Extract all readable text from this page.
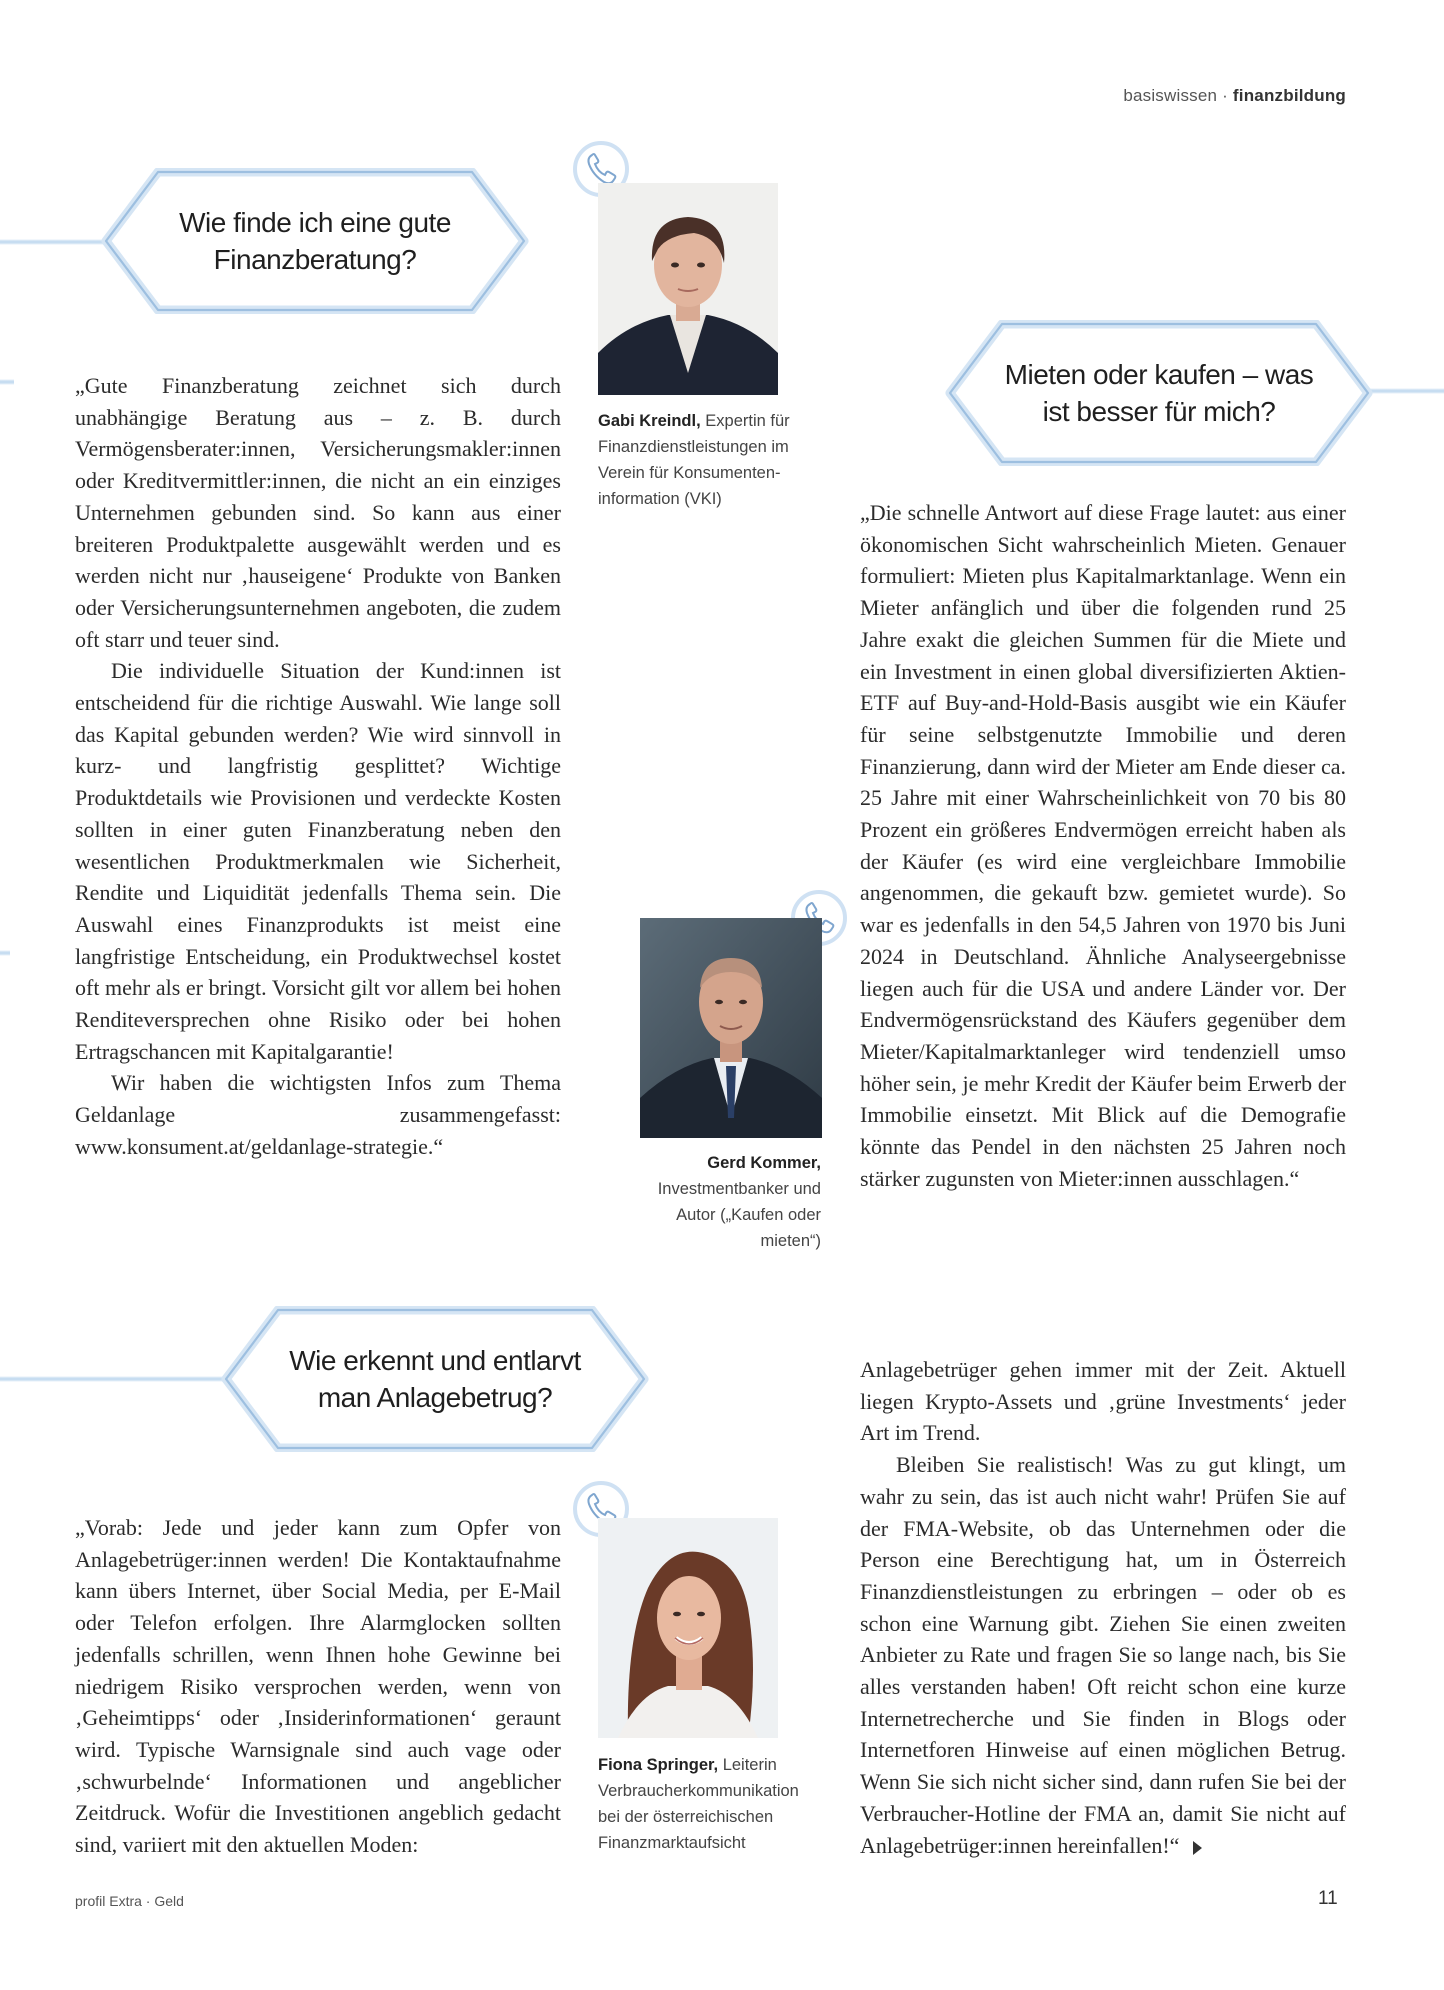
basiswissen · finanzbildung
Wie finde ich eine gute
Finanzberatung?
Gabi Kreindl, Expertin für
Finanzdienstleistungen im
Verein für Konsumenten-
information (VKI)

„Gute Finanzberatung zeichnet sich durch unabhängige Beratung aus – z. B. durch Vermögensberater:innen, Versicherungsmakler:innen oder Kreditvermittler:innen, die nicht an ein einziges Unternehmen gebunden sind. So kann aus einer breiteren Produktpalette ausgewählt werden und es werden nicht nur ‚hauseigene‘ Produkte von Banken oder Versicherungsunternehmen angeboten, die zudem oft starr und teuer sind.

Die individuelle Situation der Kund:innen ist entscheidend für die richtige Auswahl. Wie lange soll das Kapital gebunden werden? Wie wird sinnvoll in kurz- und langfristig gesplittet? Wichtige Produktdetails wie Provisionen und verdeckte Kosten sollten in einer guten Finanzberatung neben den wesentlichen Produktmerkmalen wie Sicherheit, Rendite und Liquidität jedenfalls Thema sein. Die Auswahl eines Finanzprodukts ist meist eine langfristige Entscheidung, ein Produktwechsel kostet oft mehr als er bringt. Vorsicht gilt vor allem bei hohen Renditeversprechen ohne Risiko oder bei hohen Ertragschancen mit Kapitalgarantie!

Wir haben die wichtigsten Infos zum Thema Geldanlage zusammengefasst: www.konsument.at/geldanlage-strategie.“

Mieten oder kaufen – was
ist besser für mich?

„Die schnelle Antwort auf diese Frage lautet: aus einer ökonomischen Sicht wahrscheinlich Mieten. Genauer formuliert: Mieten plus Kapitalmarktanlage. Wenn ein Mieter anfänglich und über die folgenden rund 25 Jahre exakt die gleichen Summen für die Miete und ein Investment in einen global diversifizierten Aktien-ETF auf Buy-and-Hold-Basis ausgibt wie ein Käufer für seine selbstgenutzte Immobilie und deren Finanzierung, dann wird der Mieter am Ende dieser ca. 25 Jahre mit einer Wahrscheinlichkeit von 70 bis 80 Prozent ein größeres Endvermögen erreicht haben als der Käufer (es wird eine vergleichbare Immobilie angenommen, die gekauft bzw. gemietet wurde). So war es jedenfalls in den 54,5 Jahren von 1970 bis Juni 2024 in Deutschland. Ähnliche Analyseergebnisse liegen auch für die USA und andere Länder vor. Der Endvermögensrückstand des Käufers gegenüber dem Mieter/Kapitalmarktanleger wird tendenziell umso höher sein, je mehr Kredit der Käufer beim Erwerb der Immobilie einsetzt. Mit Blick auf die Demografie könnte das Pendel in den nächsten 25 Jahren noch stärker zugunsten von Mieter:innen ausschlagen.“

Gerd Kommer,
Investmentbanker und
Autor („Kaufen oder
mieten“)
Wie erkennt und entlarvt
man Anlagebetrug?
Fiona Springer, Leiterin
Verbraucherkommunikation
bei der österreichischen
Finanzmarktaufsicht

„Vorab: Jede und jeder kann zum Opfer von Anlagebetrüger:innen werden! Die Kontaktaufnahme kann übers Internet, über Social Media, per E-Mail oder Telefon erfolgen. Ihre Alarmglocken sollten jedenfalls schrillen, wenn Ihnen hohe Gewinne bei niedrigem Risiko versprochen werden, wenn von ‚Geheimtipps‘ oder ‚Insiderinformationen‘ geraunt wird. Typische Warnsignale sind auch vage oder ‚schwurbelnde‘ Informationen und angeblicher Zeitdruck. Wofür die Investitionen angeblich gedacht sind, variiert mit den aktuellen Moden:

Anlagebetrüger gehen immer mit der Zeit. Aktuell liegen Krypto-Assets und ‚grüne Investments‘ jeder Art im Trend.

Bleiben Sie realistisch! Was zu gut klingt, um wahr zu sein, das ist auch nicht wahr! Prüfen Sie auf der FMA-Website, ob das Unternehmen oder die Person eine Berechtigung hat, um in Österreich Finanzdienstleistungen zu erbringen – oder ob es schon eine Warnung gibt. Ziehen Sie einen zweiten Anbieter zu Rate und fragen Sie so lange nach, bis Sie alles verstanden haben! Oft reicht schon eine kurze Internetrecherche und Sie finden in Blogs oder Internetforen Hinweise auf einen möglichen Betrug. Wenn Sie sich nicht sicher sind, dann rufen Sie bei der Verbraucher-Hotline der FMA an, damit Sie nicht auf Anlagebetrüger:innen hereinfallen!“

profil Extra · Geld	11
